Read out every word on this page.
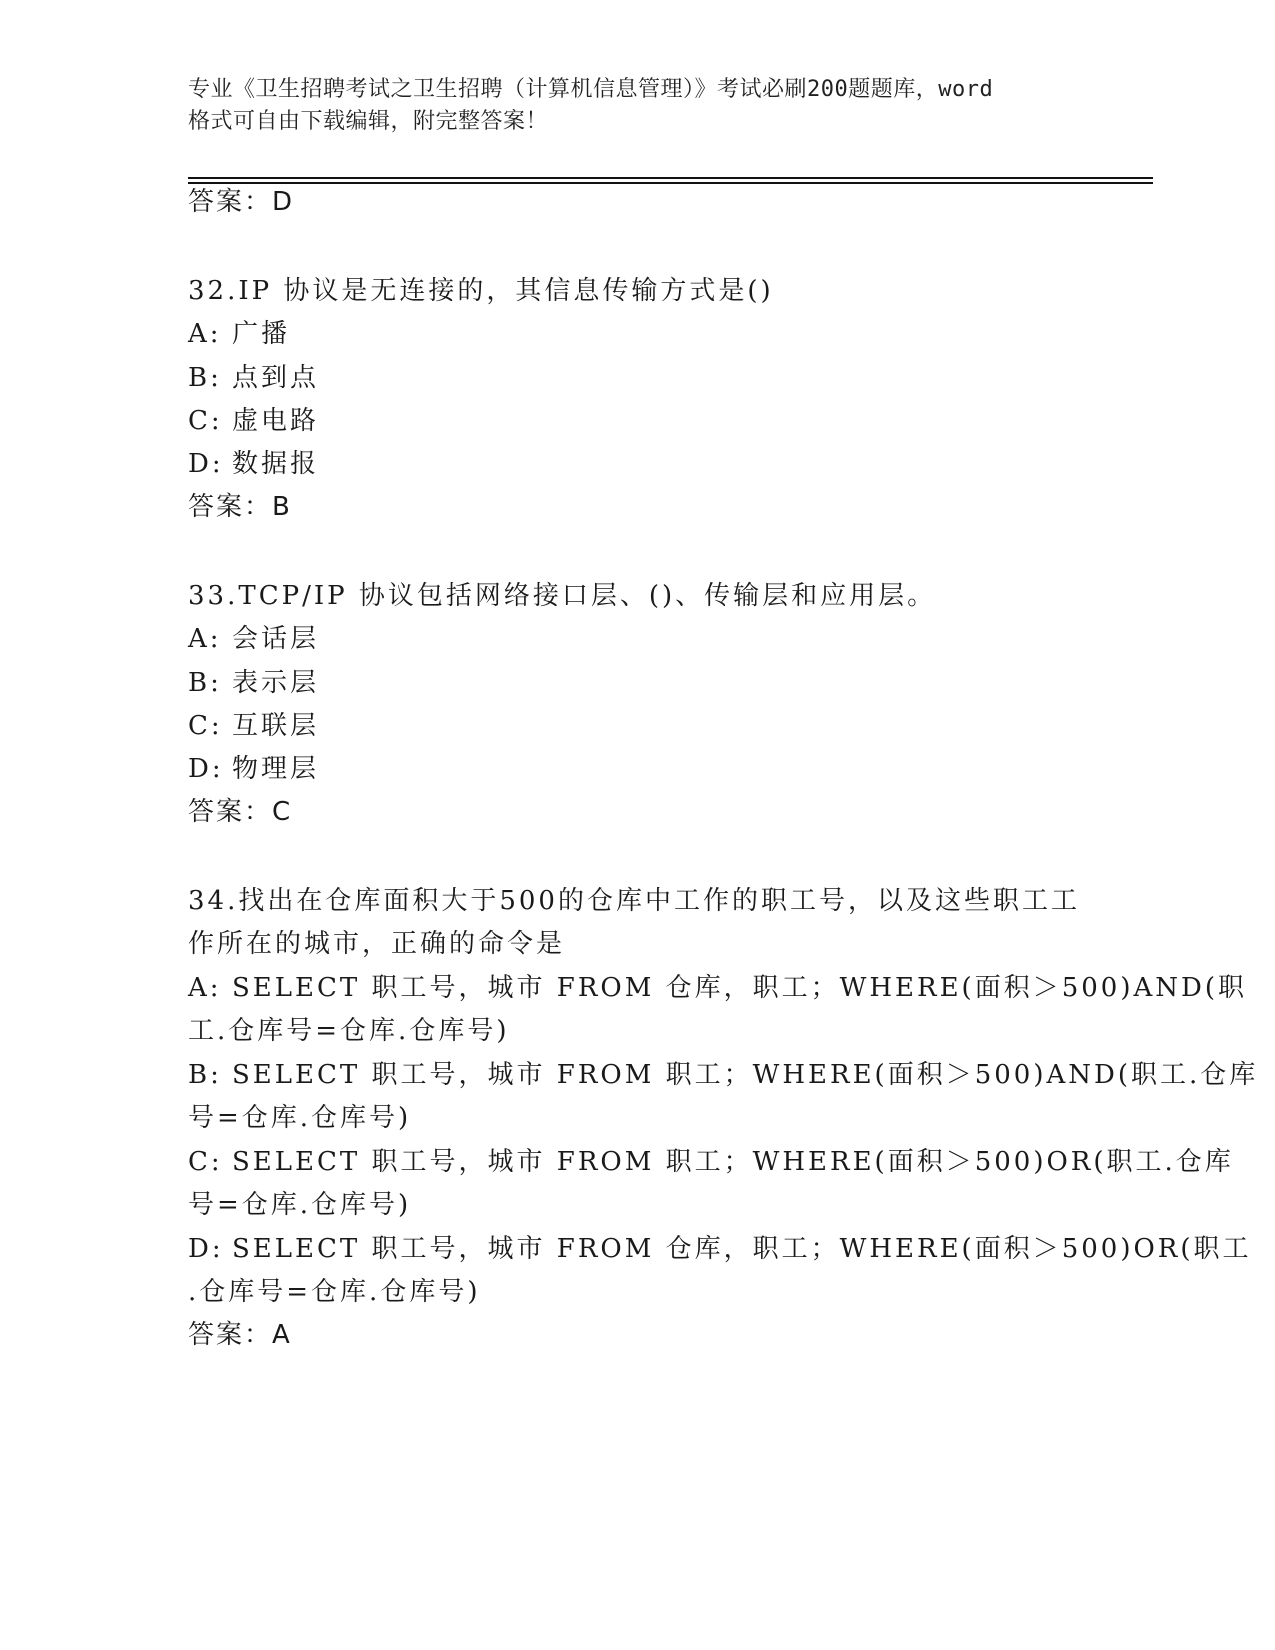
专业《卫生招聘考试之卫生招聘（计算机信息管理）》考试必刷200题题库，word
格式可自由下载编辑，附完整答案！
答案：D
32.IP 协议是无连接的，其信息传输方式是()
A: 广播
B: 点到点
C: 虚电路
D: 数据报
答案：B
33.TCP/IP 协议包括网络接口层、()、传输层和应用层。
A: 会话层
B: 表示层
C: 互联层
D: 物理层
答案：C
34.找出在仓库面积大于500的仓库中工作的职工号，以及这些职工工
作所在的城市，正确的命令是
A: SELECT 职工号，城市 FROM 仓库，职工；WHERE(面积＞500)AND(职
工.仓库号=仓库.仓库号)
B: SELECT 职工号，城市 FROM 职工；WHERE(面积＞500)AND(职工.仓库
号=仓库.仓库号)
C: SELECT 职工号，城市 FROM 职工；WHERE(面积＞500)OR(职工.仓库
号=仓库.仓库号)
D: SELECT 职工号，城市 FROM 仓库，职工；WHERE(面积＞500)OR(职工
.仓库号=仓库.仓库号)
答案：A
